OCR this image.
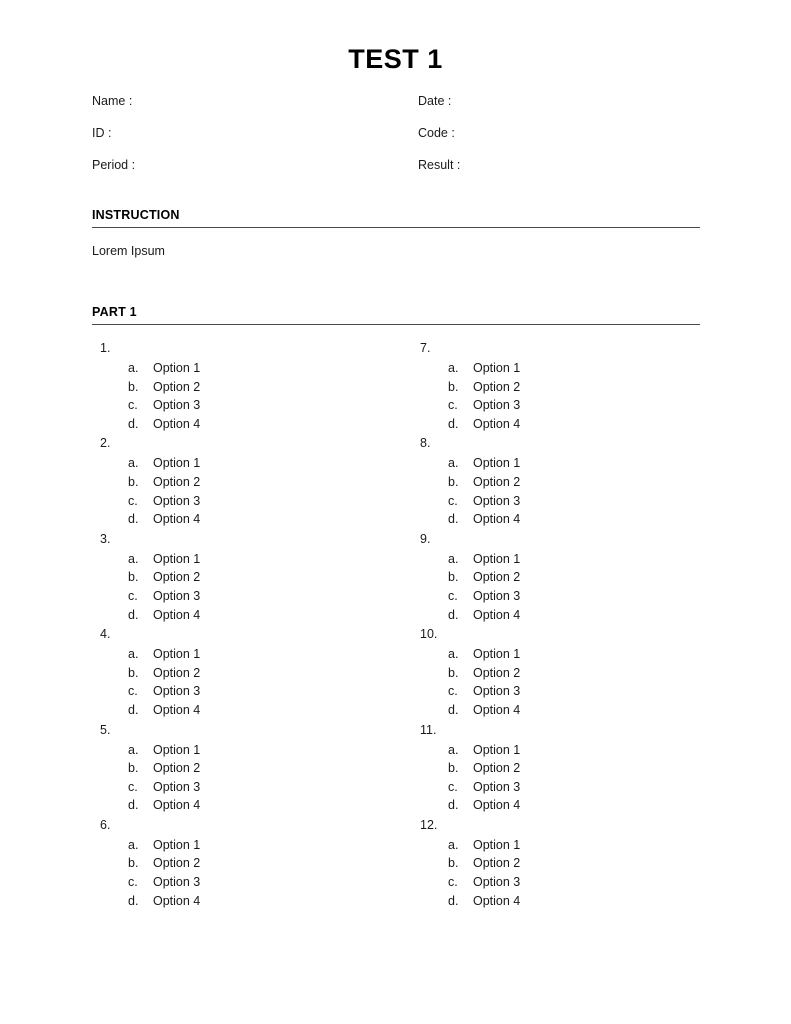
TEST 1
Name :	Date :
ID :	Code :
Period :	Result :
INSTRUCTION
Lorem Ipsum
PART 1
1.
a. Option 1
b. Option 2
c. Option 3
d. Option 4
2.
a. Option 1
b. Option 2
c. Option 3
d. Option 4
3.
a. Option 1
b. Option 2
c. Option 3
d. Option 4
4.
a. Option 1
b. Option 2
c. Option 3
d. Option 4
5.
a. Option 1
b. Option 2
c. Option 3
d. Option 4
6.
a. Option 1
b. Option 2
c. Option 3
d. Option 4
7.
a. Option 1
b. Option 2
c. Option 3
d. Option 4
8.
a. Option 1
b. Option 2
c. Option 3
d. Option 4
9.
a. Option 1
b. Option 2
c. Option 3
d. Option 4
10.
a. Option 1
b. Option 2
c. Option 3
d. Option 4
11.
a. Option 1
b. Option 2
c. Option 3
d. Option 4
12.
a. Option 1
b. Option 2
c. Option 3
d. Option 4
